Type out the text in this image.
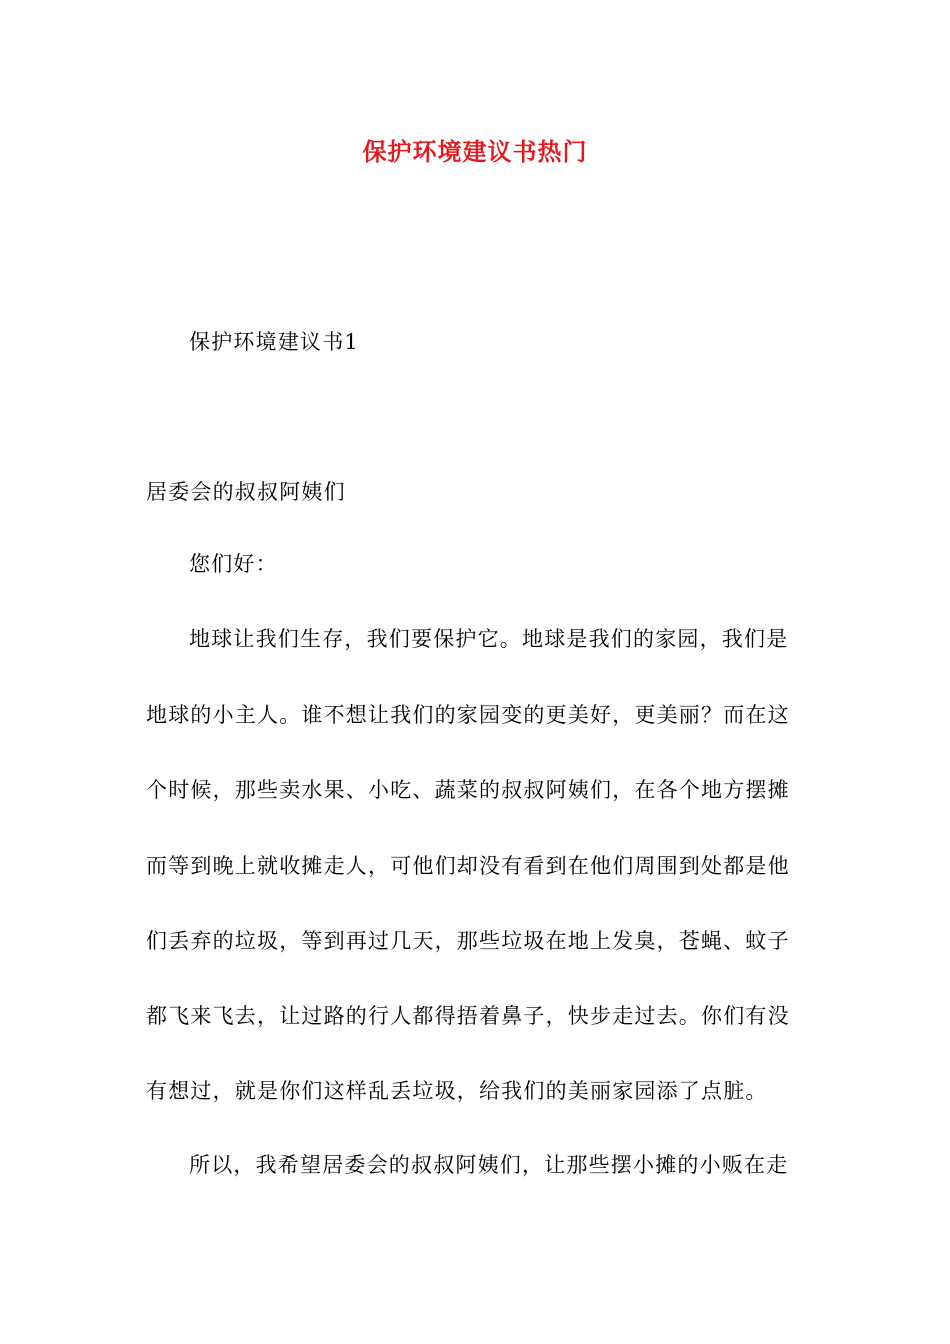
保护环境建议书热门
保护环境建议书1
居委会的叔叔阿姨们
您们好：
地球让我们生存，我们要保护它。地球是我们的家园，我们是
地球的小主人。谁不想让我们的家园变的更美好，更美丽？而在这
个时候，那些卖水果、小吃、蔬菜的叔叔阿姨们，在各个地方摆摊
而等到晚上就收摊走人，可他们却没有看到在他们周围到处都是他
们丢弃的垃圾，等到再过几天，那些垃圾在地上发臭，苍蝇、蚊子
都飞来飞去，让过路的行人都得捂着鼻子，快步走过去。你们有没
有想过，就是你们这样乱丢垃圾，给我们的美丽家园添了点脏。
所以，我希望居委会的叔叔阿姨们，让那些摆小摊的小贩在走
